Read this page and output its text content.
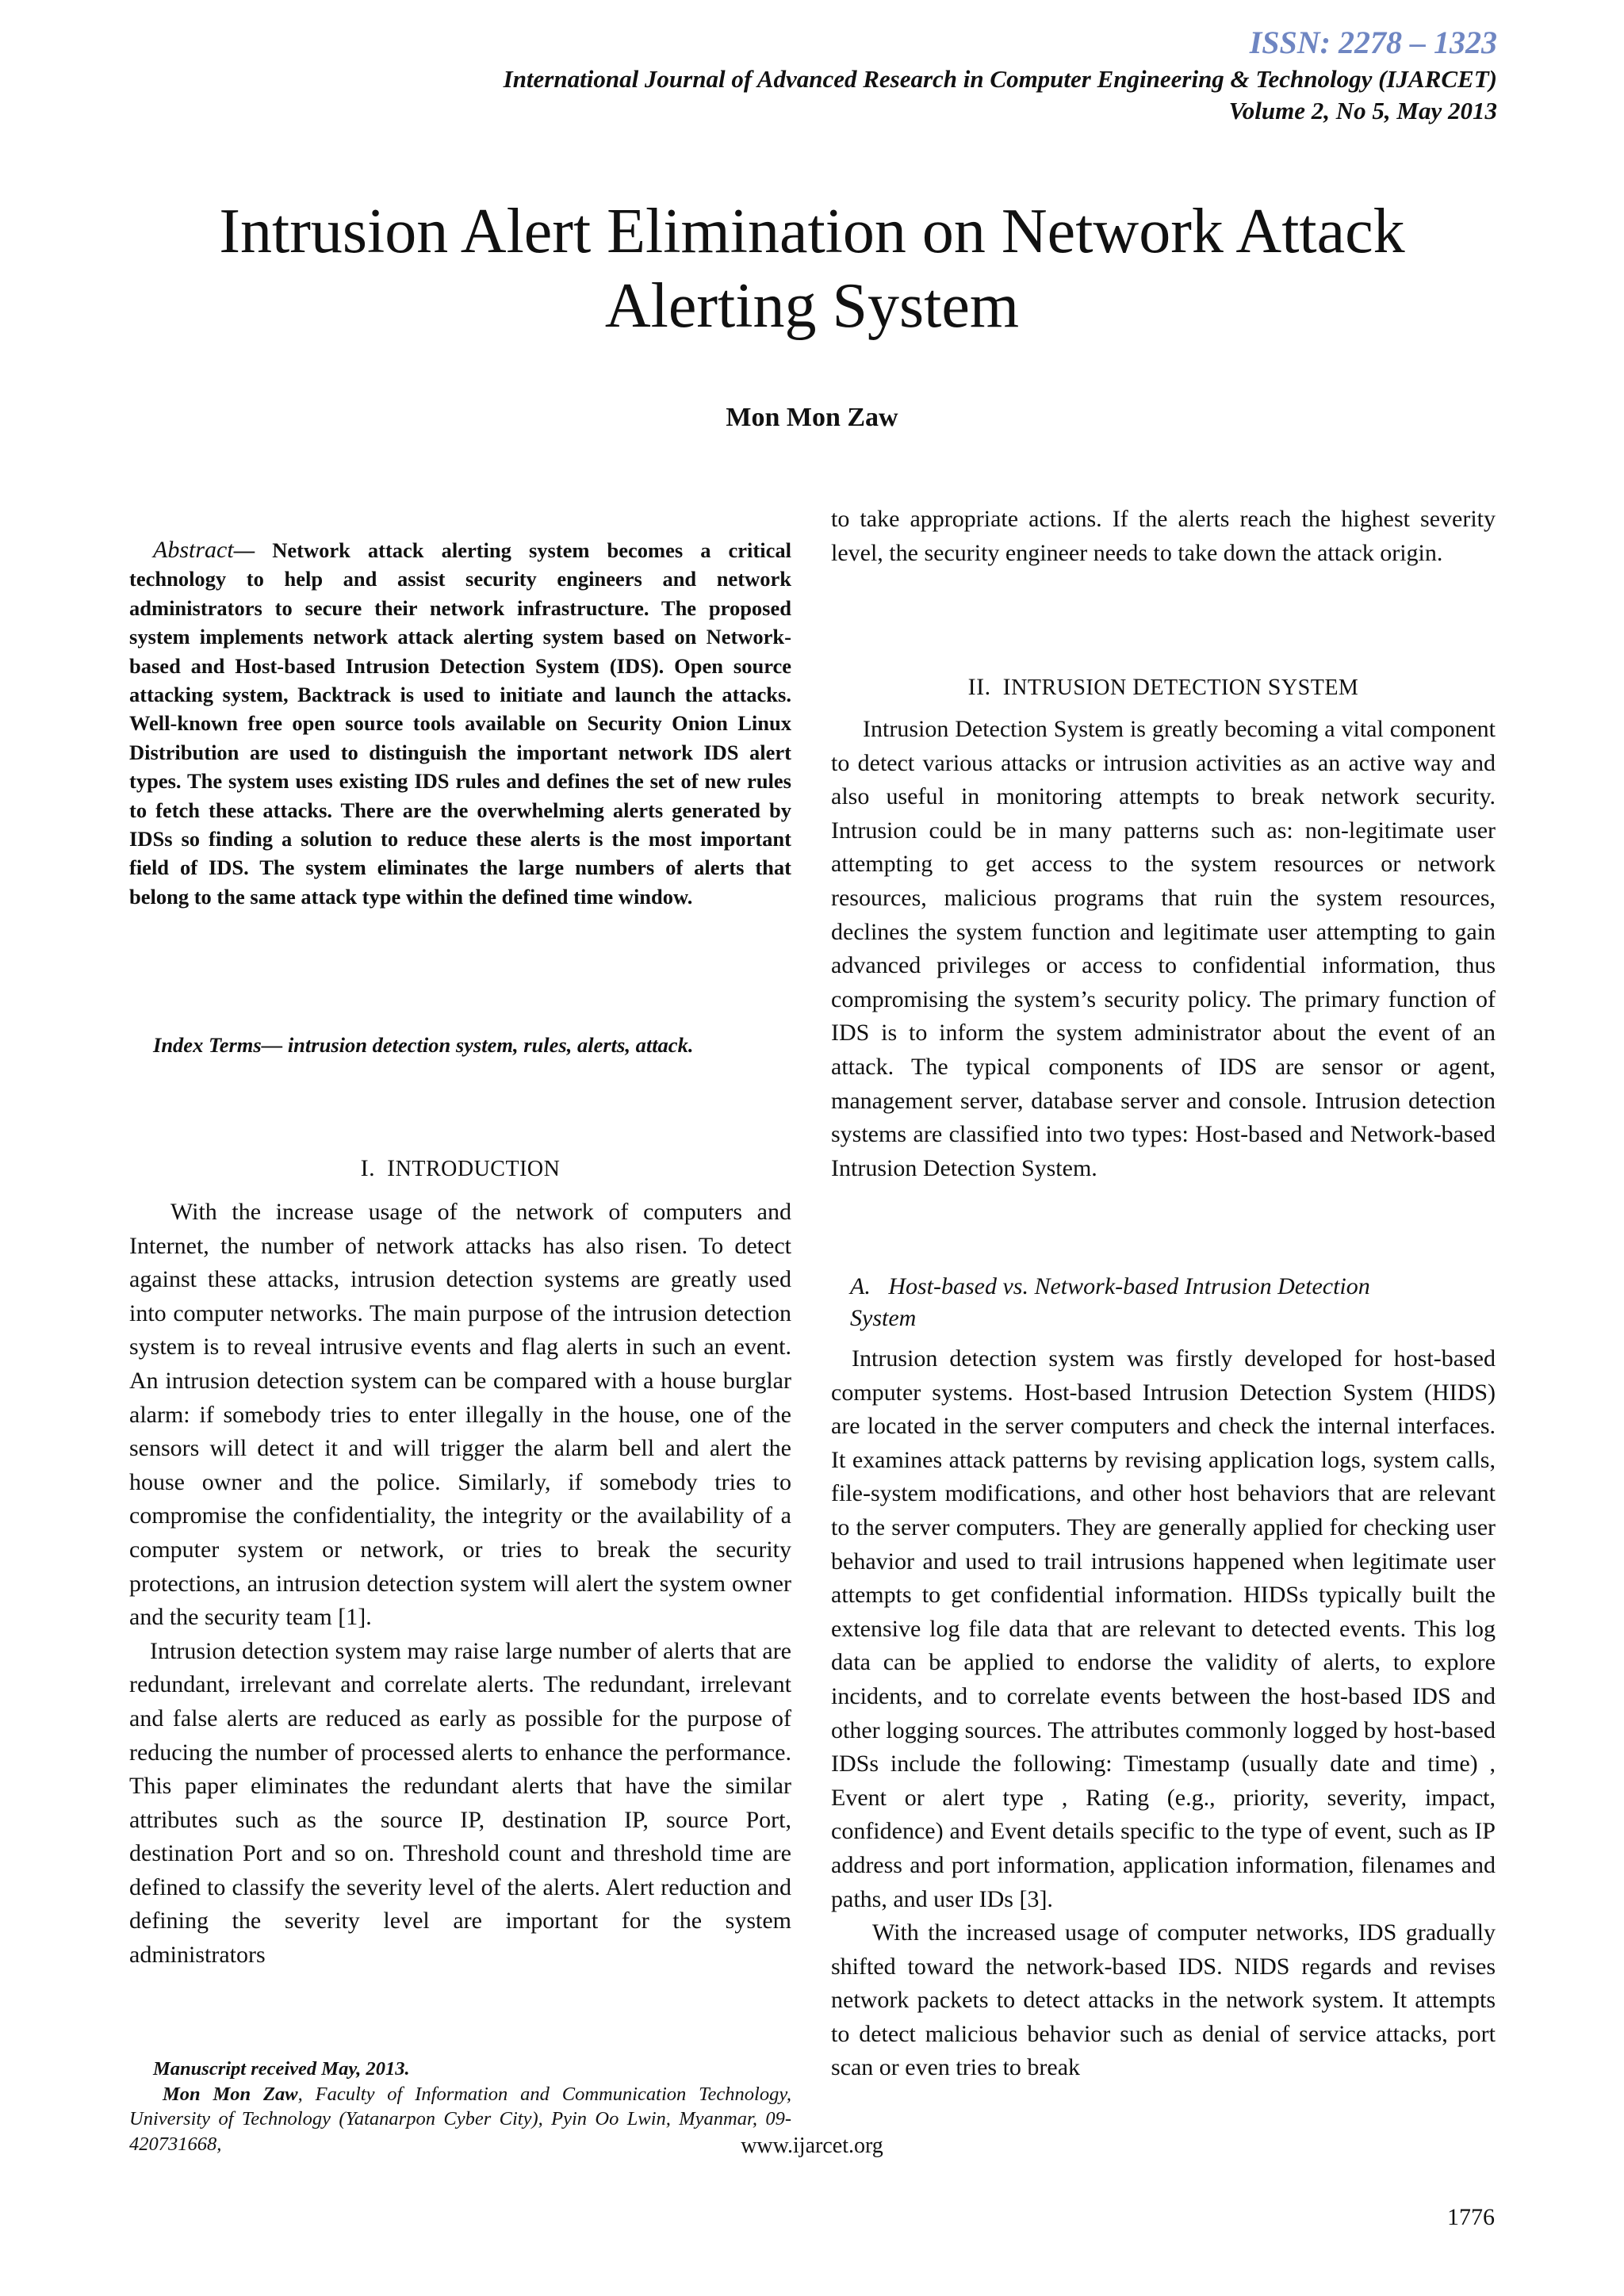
ISSN: 2278 – 1323
International Journal of Advanced Research in Computer Engineering & Technology (IJARCET)
Volume 2, No 5, May 2013
Intrusion Alert Elimination on Network Attack
Alerting System
Mon Mon Zaw
Abstract— Network attack alerting system becomes a critical technology to help and assist security engineers and network administrators to secure their network infrastructure. The proposed system implements network attack alerting system based on Network-based and Host-based Intrusion Detection System (IDS). Open source attacking system, Backtrack is used to initiate and launch the attacks. Well-known free open source tools available on Security Onion Linux Distribution are used to distinguish the important network IDS alert types. The system uses existing IDS rules and defines the set of new rules to fetch these attacks. There are the overwhelming alerts generated by IDSs so finding a solution to reduce these alerts is the most important field of IDS. The system eliminates the large numbers of alerts that belong to the same attack type within the defined time window.
Index Terms— intrusion detection system, rules, alerts, attack.
I. INTRODUCTION

With the increase usage of the network of computers and Internet, the number of network attacks has also risen. To detect against these attacks, intrusion detection systems are greatly used into computer networks. The main purpose of the intrusion detection system is to reveal intrusive events and flag alerts in such an event. An intrusion detection system can be compared with a house burglar alarm: if somebody tries to enter illegally in the house, one of the sensors will detect it and will trigger the alarm bell and alert the house owner and the police. Similarly, if somebody tries to compromise the confidentiality, the integrity or the availability of a computer system or network, or tries to break the security protections, an intrusion detection system will alert the system owner and the security team [1].

Intrusion detection system may raise large number of alerts that are redundant, irrelevant and correlate alerts. The redundant, irrelevant and false alerts are reduced as early as possible for the purpose of reducing the number of processed alerts to enhance the performance. This paper eliminates the redundant alerts that have the similar attributes such as the source IP, destination IP, source Port, destination Port and so on. Threshold count and threshold time are defined to classify the severity level of the alerts. Alert reduction and defining the severity level are important for the system administrators

to take appropriate actions. If the alerts reach the highest severity level, the security engineer needs to take down the attack origin.

II. INTRUSION DETECTION SYSTEM

Intrusion Detection System is greatly becoming a vital component to detect various attacks or intrusion activities as an active way and also useful in monitoring attempts to break network security. Intrusion could be in many patterns such as: non-legitimate user attempting to get access to the system resources or network resources, malicious programs that ruin the system resources, declines the system function and legitimate user attempting to gain advanced privileges or access to confidential information, thus compromising the system’s security policy. The primary function of IDS is to inform the system administrator about the event of an attack. The typical components of IDS are sensor or agent, management server, database server and console. Intrusion detection systems are classified into two types: Host-based and Network-based Intrusion Detection System.

A. Host-based vs. Network-based Intrusion Detection
System

Intrusion detection system was firstly developed for host-based computer systems. Host-based Intrusion Detection System (HIDS) are located in the server computers and check the internal interfaces. It examines attack patterns by revising application logs, system calls, file-system modifications, and other host behaviors that are relevant to the server computers. They are generally applied for checking user behavior and used to trail intrusions happened when legitimate user attempts to get confidential information. HIDSs typically built the extensive log file data that are relevant to detected events. This log data can be applied to endorse the validity of alerts, to explore incidents, and to correlate events between the host-based IDS and other logging sources. The attributes commonly logged by host-based IDSs include the following: Timestamp (usually date and time) , Event or alert type , Rating (e.g., priority, severity, impact, confidence) and Event details specific to the type of event, such as IP address and port information, application information, filenames and paths, and user IDs [3].

With the increased usage of computer networks, IDS gradually shifted toward the network-based IDS. NIDS regards and revises network packets to detect attacks in the network system. It attempts to detect malicious behavior such as denial of service attacks, port scan or even tries to break

Manuscript received May, 2013.
Mon Mon Zaw, Faculty of Information and Communication Technology, University of Technology (Yatanarpon Cyber City), Pyin Oo Lwin, Myanmar, 09-420731668,	www.ijarcet.org
1776
